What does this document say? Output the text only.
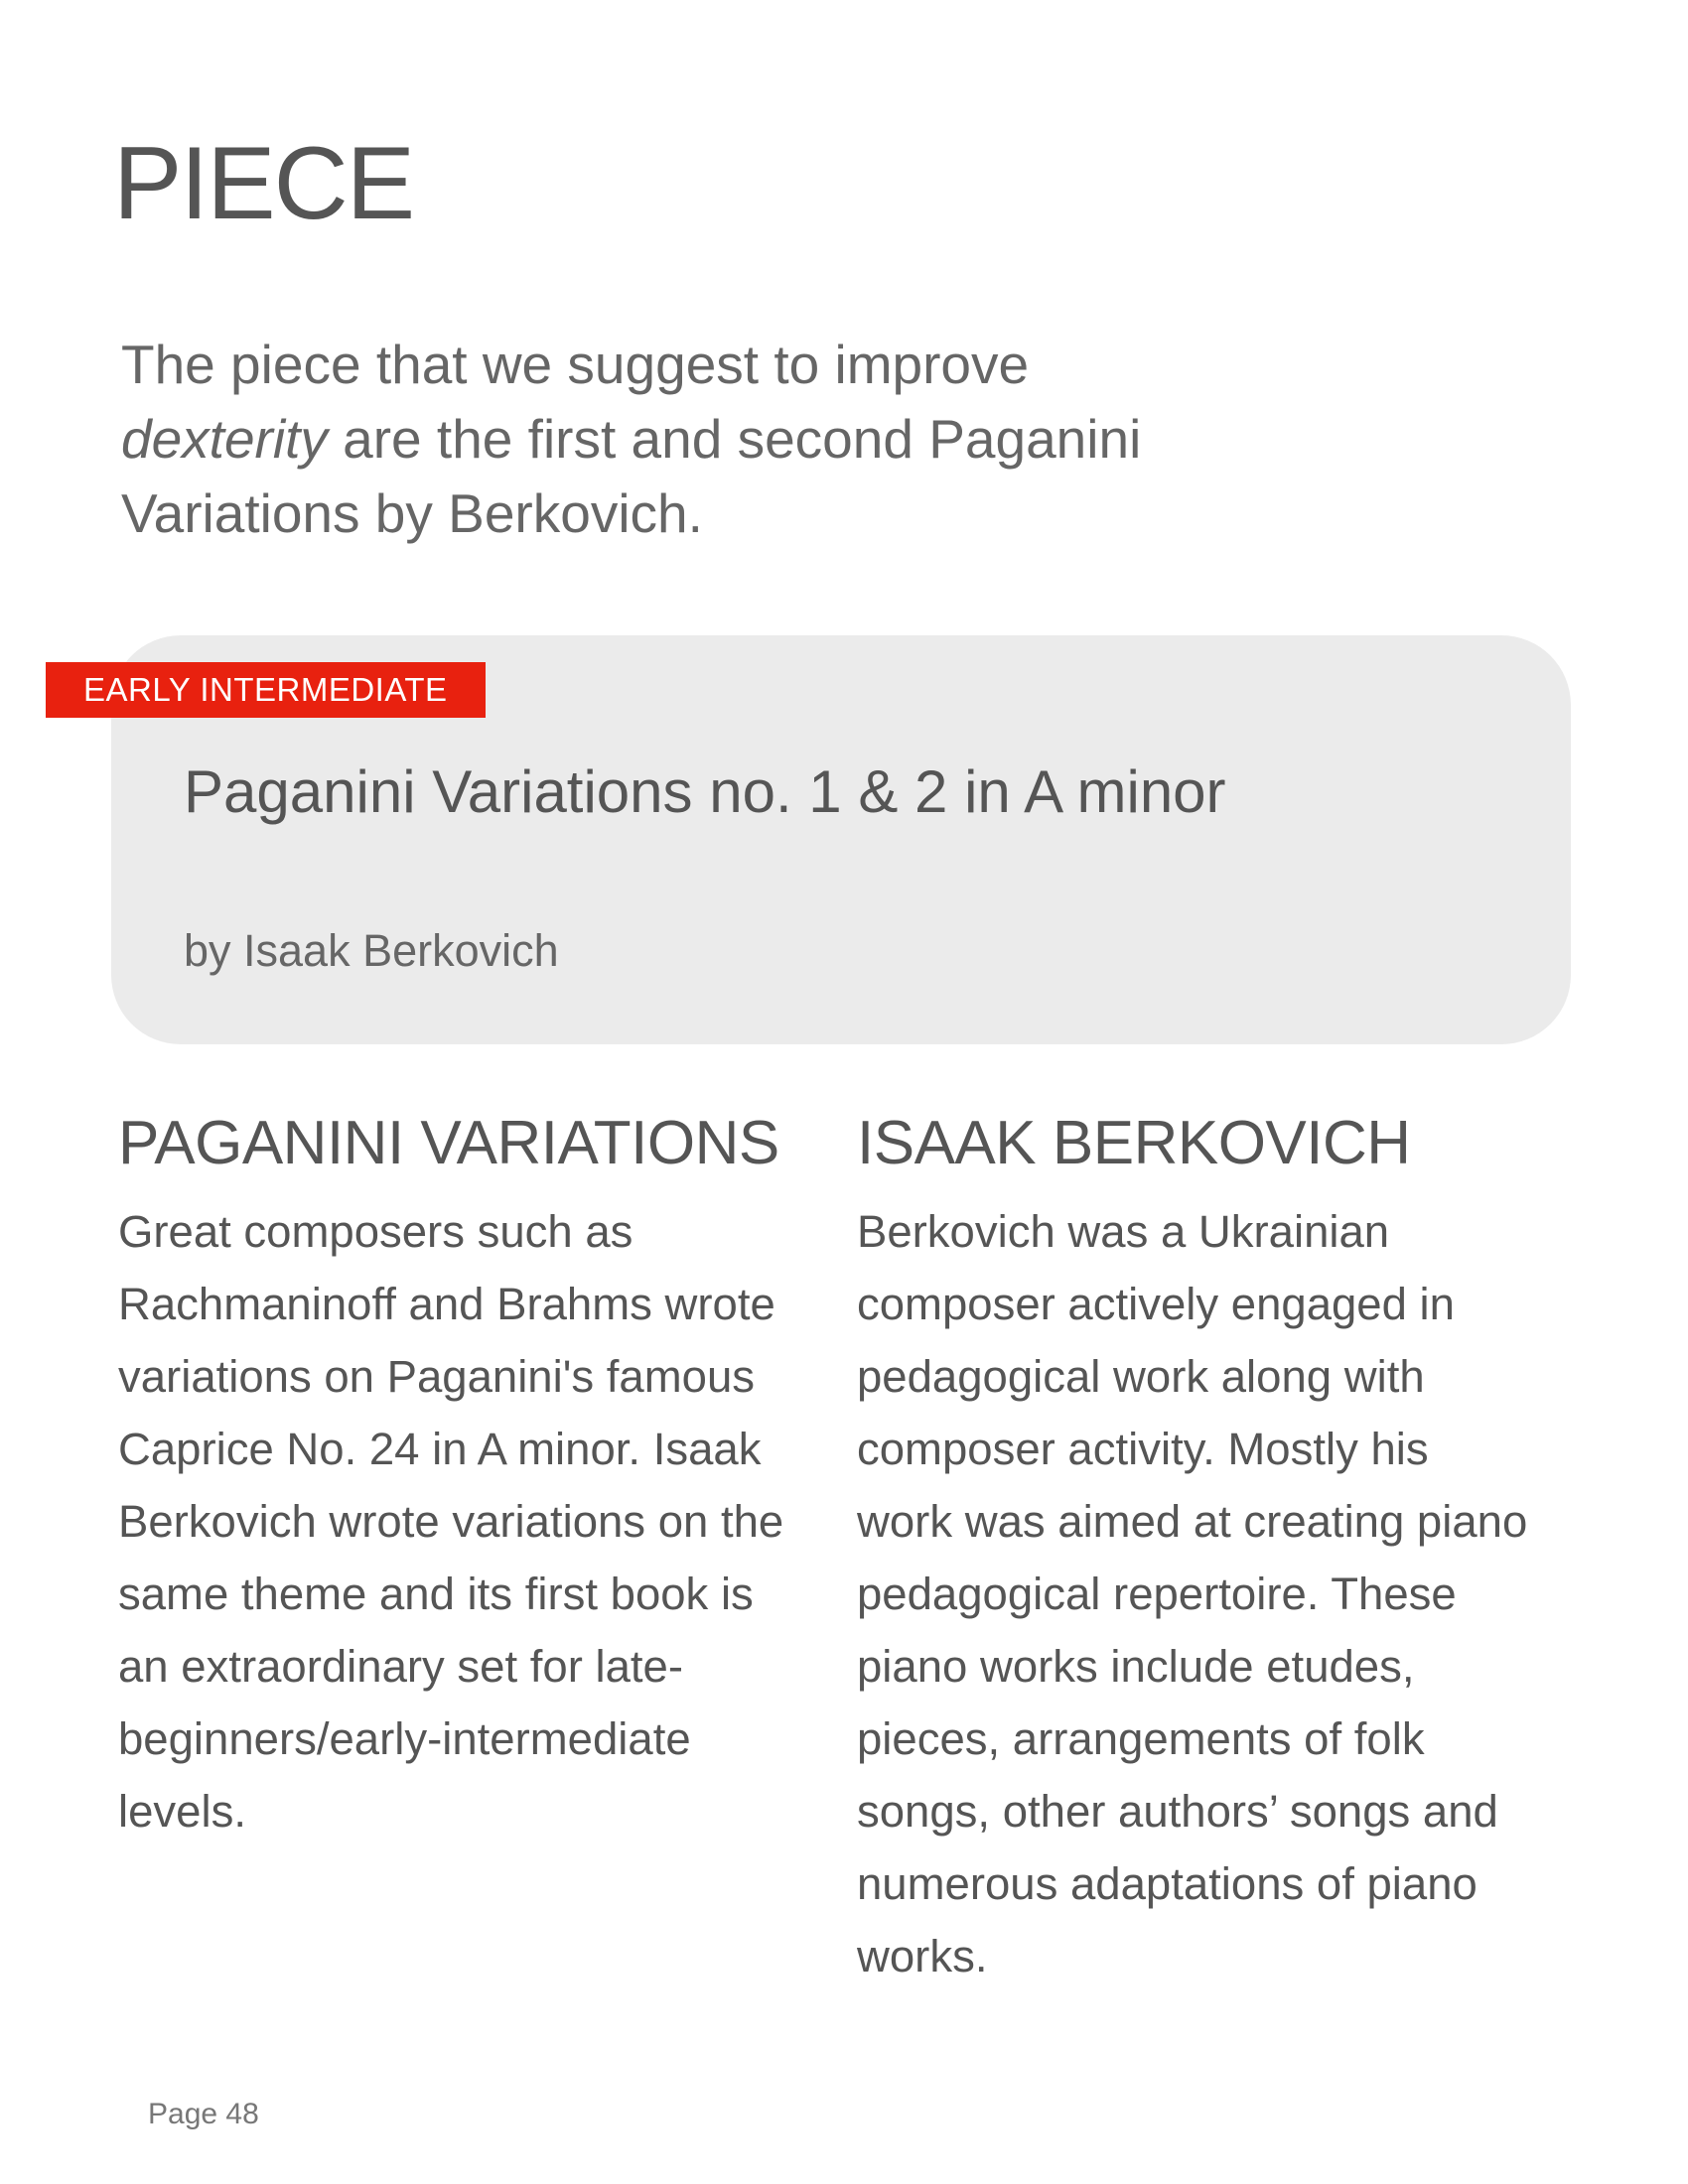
PIECE

The piece that we suggest to improve dexterity are the first and second Paganini Variations by Berkovich.

EARLY INTERMEDIATE
Paganini Variations no. 1 & 2 in A minor

by Isaak Berkovich

PAGANINI VARIATIONS

Great composers such as Rachmaninoff and Brahms wrote variations on Paganini's famous Caprice No. 24 in A minor. Isaak Berkovich wrote variations on the same theme and its first book is an extraordinary set for late-beginners/early-intermediate levels.

ISAAK BERKOVICH

Berkovich was a Ukrainian composer actively engaged in pedagogical work along with composer activity. Mostly his work was aimed at creating piano pedagogical repertoire. These piano works include etudes, pieces, arrangements of folk songs, other authors’ songs and numerous adaptations of piano works.

Page 48
